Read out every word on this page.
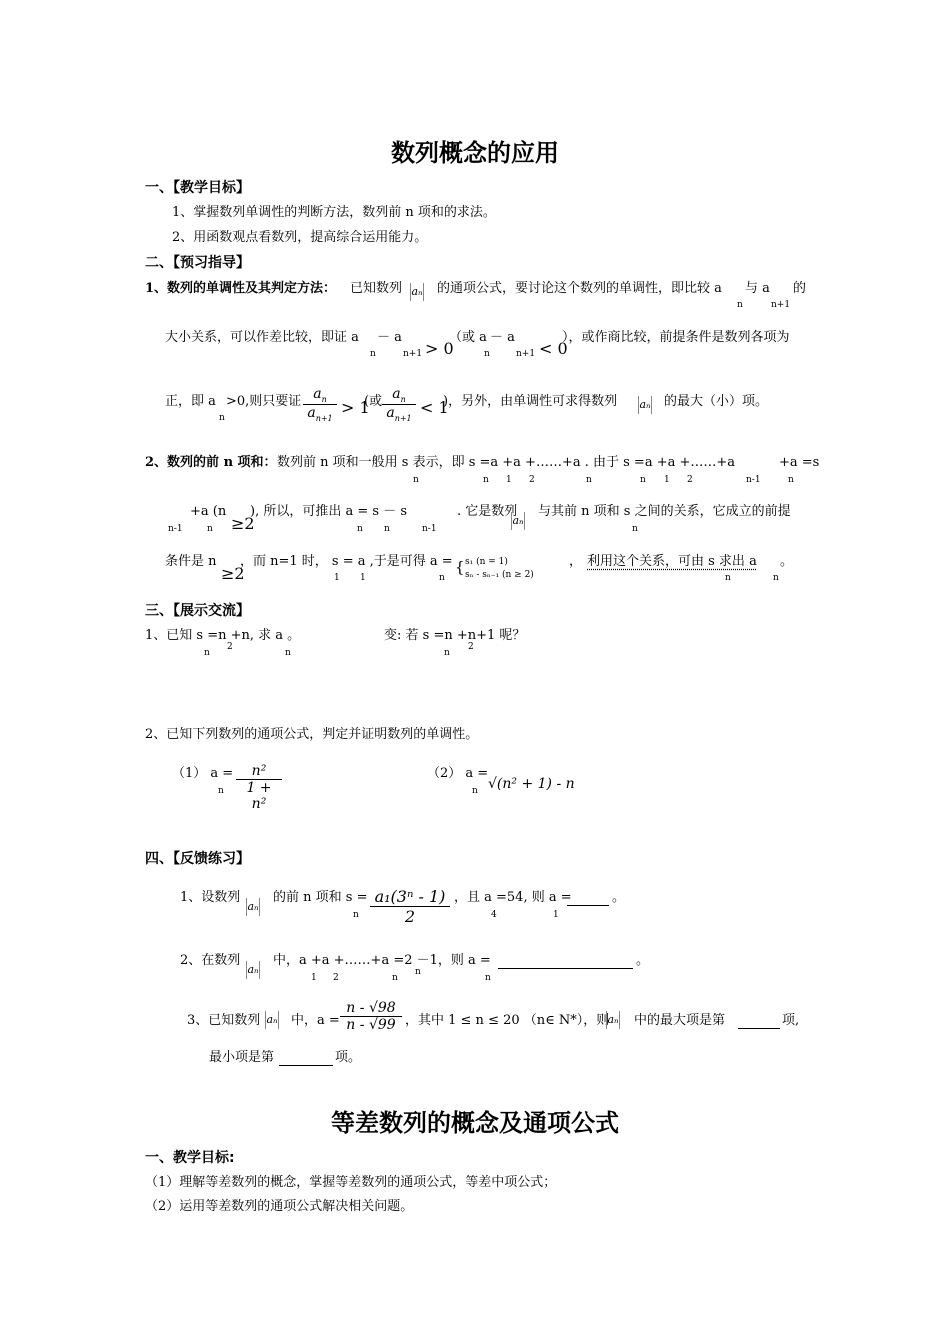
数列概念的应用
一、【教学目标】
1、掌握数列单调性的判断方法，数列前 n 项和的求法。
2、用函数观点看数列，提高综合运用能力。
二、【预习指导】
1、数列的单调性及其判定方法： 已知数列 aₙ 的通项公式，要讨论这个数列的单调性，即比较 a 与 a 的
n	n+1
大小关系，可以作差比较，即证 a － a
> 0
（或 a － a
< 0
），或作商比较，前提条件是数列各项为
n	n+1	n	n+1
正，即 a
n
>0,则只要证 $\frac{a_n}{a_{n+1}} > 1$
(或 $\frac{a_n}{a_{n+1}} < 1$
)，另外，由单调性可求得数列 aₙ 的最大（小）项。
2、数列的前 n 项和： 数列前 n 项和一般用 s 表示，即 s =a +a +……+a . 由于 s =a +a +……+a	+a =s
n	n 1 2	n	n 1 2	n-1	n
+a (n
≥2
), 所以，可推出 a = s － s	. 它是数列
aₙ
与其前 n 项和 s 之间的关系，它成立的前提
n-1	n	n n	n-1	n
条件是 n
≥2
，而 n=1 时， s = a ,于是可得 a =
1 1	n
{ s₁ (n = 1)
sₙ - sₙ₋₁ (n ≥ 2)
， 利用这个关系，可由 s 求出 a 。
n	n
三、【展示交流】
1、已知 s =n +n, 求 a 。
n
2
n
变: 若 s =n +n+1 呢？
n
2
2、已知下列数列的通项公式，判定并证明数列的单调性。
（1） a =
n $\frac{\text{n²}}{\text{1 + n²}}$	（2） a =
n √(n² + 1) - n
四、【反馈练习】
1、设数列
aₙ
的前 n 项和 s =
n $\frac{\text{a₁(3ⁿ - 1)}}{2}$ ，且 a =54, 则 a =
4	1
。
2、在数列
aₙ
中，a +a +……+a =2 －1，则 a =
1 2	n
n
n
。
3、已知数列 aₙ 中，$a = \frac{n - √98}{n - √99}$ ，其中 1 ≤ n ≤ 20 （n∈ N*），则
aₙ 中的最大项是第	项,
最小项是第	项。
等差数列的概念及通项公式
一、教学目标:
（1）理解等差数列的概念，掌握等差数列的通项公式，等差中项公式；
（2）运用等差数列的通项公式解决相关问题。
